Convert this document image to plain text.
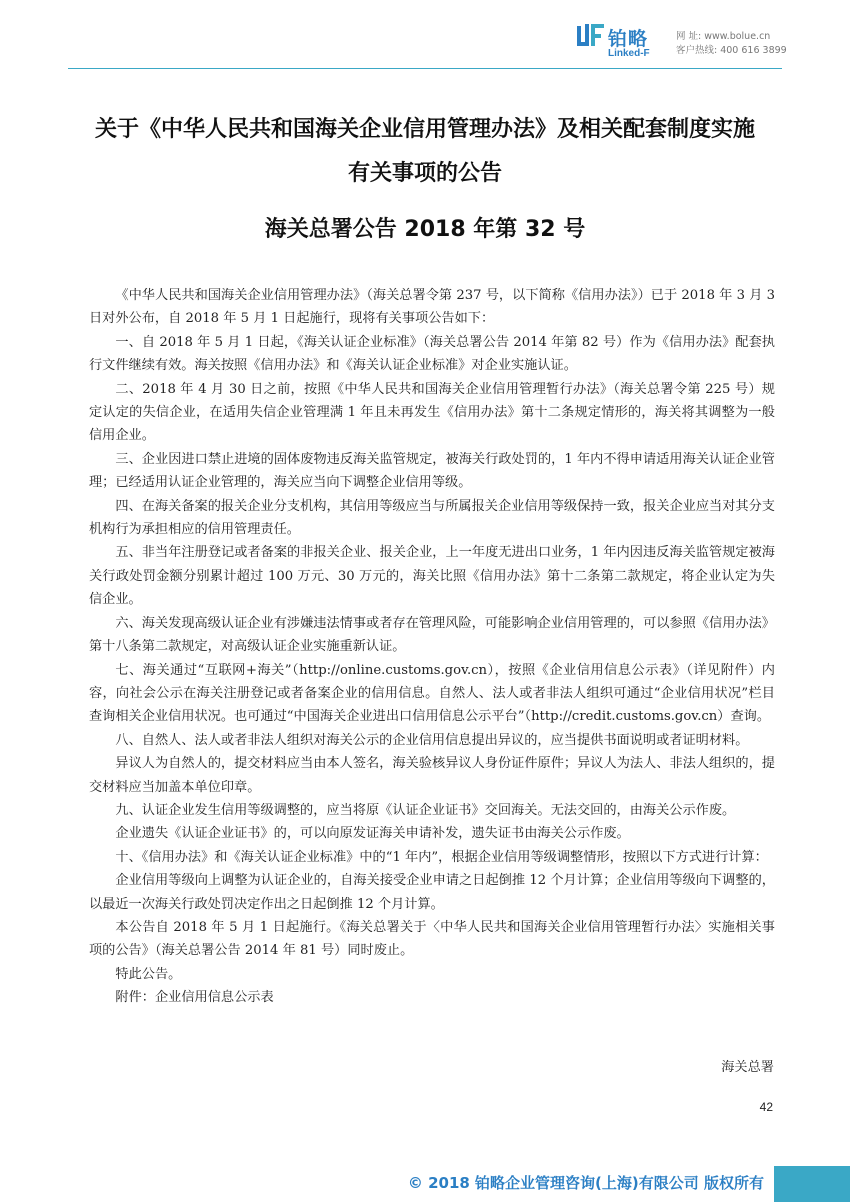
铂略
Linked-F
网 址: www.bolue.cn
客户热线: 400 616 3899
关于《中华人民共和国海关企业信用管理办法》及相关配套制度实施
有关事项的公告
海关总署公告 2018 年第 32 号

《中华人民共和国海关企业信用管理办法》（海关总署令第 237 号，以下简称《信用办法》）已于 2018 年 3 月 3 日对外公布，自 2018 年 5 月 1 日起施行，现将有关事项公告如下：

一、自 2018 年 5 月 1 日起，《海关认证企业标准》（海关总署公告 2014 年第 82 号）作为《信用办法》配套执行文件继续有效。海关按照《信用办法》和《海关认证企业标准》对企业实施认证。

二、2018 年 4 月 30 日之前，按照《中华人民共和国海关企业信用管理暂行办法》（海关总署令第 225 号）规定认定的失信企业，在适用失信企业管理满 1 年且未再发生《信用办法》第十二条规定情形的，海关将其调整为一般信用企业。

三、企业因进口禁止进境的固体废物违反海关监管规定，被海关行政处罚的，1 年内不得申请适用海关认证企业管理；已经适用认证企业管理的，海关应当向下调整企业信用等级。

四、在海关备案的报关企业分支机构，其信用等级应当与所属报关企业信用等级保持一致，报关企业应当对其分支机构行为承担相应的信用管理责任。

五、非当年注册登记或者备案的非报关企业、报关企业，上一年度无进出口业务，1 年内因违反海关监管规定被海关行政处罚金额分别累计超过 100 万元、30 万元的，海关比照《信用办法》第十二条第二款规定，将企业认定为失信企业。

六、海关发现高级认证企业有涉嫌违法情事或者存在管理风险，可能影响企业信用管理的，可以参照《信用办法》第十八条第二款规定，对高级认证企业实施重新认证。

七、海关通过“互联网+海关”（http://online.customs.gov.cn），按照《企业信用信息公示表》（详见附件）内容，向社会公示在海关注册登记或者备案企业的信用信息。自然人、法人或者非法人组织可通过“企业信用状况”栏目查询相关企业信用状况。也可通过“中国海关企业进出口信用信息公示平台”（http://credit.customs.gov.cn）查询。

八、自然人、法人或者非法人组织对海关公示的企业信用信息提出异议的，应当提供书面说明或者证明材料。

异议人为自然人的，提交材料应当由本人签名，海关验核异议人身份证件原件；异议人为法人、非法人组织的，提交材料应当加盖本单位印章。

九、认证企业发生信用等级调整的，应当将原《认证企业证书》交回海关。无法交回的，由海关公示作废。

企业遗失《认证企业证书》的，可以向原发证海关申请补发，遗失证书由海关公示作废。

十、《信用办法》和《海关认证企业标准》中的“1 年内”，根据企业信用等级调整情形，按照以下方式进行计算：

企业信用等级向上调整为认证企业的，自海关接受企业申请之日起倒推 12 个月计算；企业信用等级向下调整的，以最近一次海关行政处罚决定作出之日起倒推 12 个月计算。

本公告自 2018 年 5 月 1 日起施行。《海关总署关于〈中华人民共和国海关企业信用管理暂行办法〉实施相关事项的公告》（海关总署公告 2014 年 81 号）同时废止。

特此公告。

附件：企业信用信息公示表

海关总署
42
© 2018 铂略企业管理咨询(上海)有限公司 版权所有
